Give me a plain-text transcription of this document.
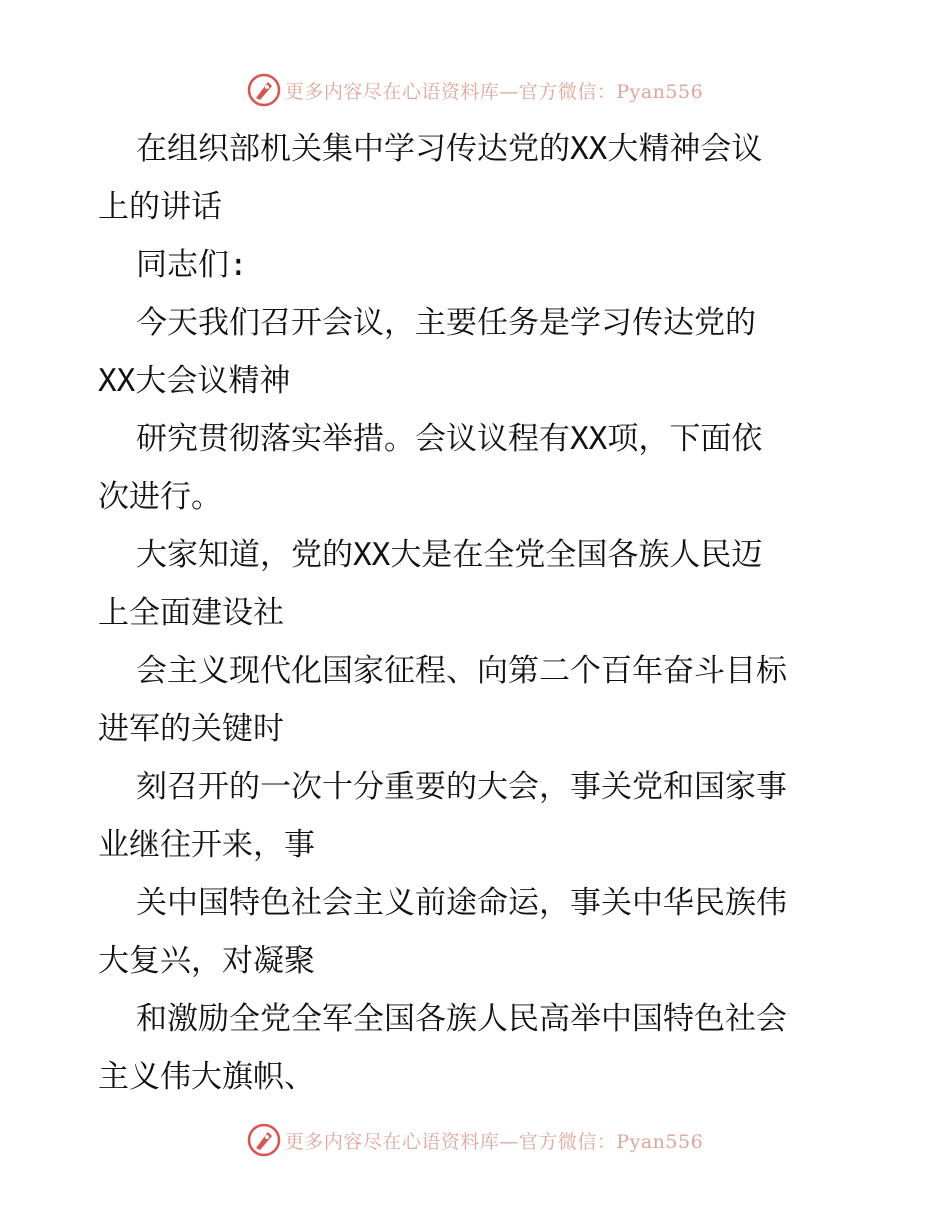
更多内容尽在心语资料库—官方微信：Pyan556
在组织部机关集中学习传达党的XX大精神会议
上的讲话
同志们:
今天我们召开会议，主要任务是学习传达党的
XX大会议精神
研究贯彻落实举措。会议议程有XX项，下面依
次进行。
大家知道，党的XX大是在全党全国各族人民迈
上全面建设社
会主义现代化国家征程、向第二个百年奋斗目标
进军的关键时
刻召开的一次十分重要的大会，事关党和国家事
业继往开来，事
关中国特色社会主义前途命运，事关中华民族伟
大复兴，对凝聚
和激励全党全军全国各族人民高举中国特色社会
主义伟大旗帜、
更多内容尽在心语资料库—官方微信：Pyan556
